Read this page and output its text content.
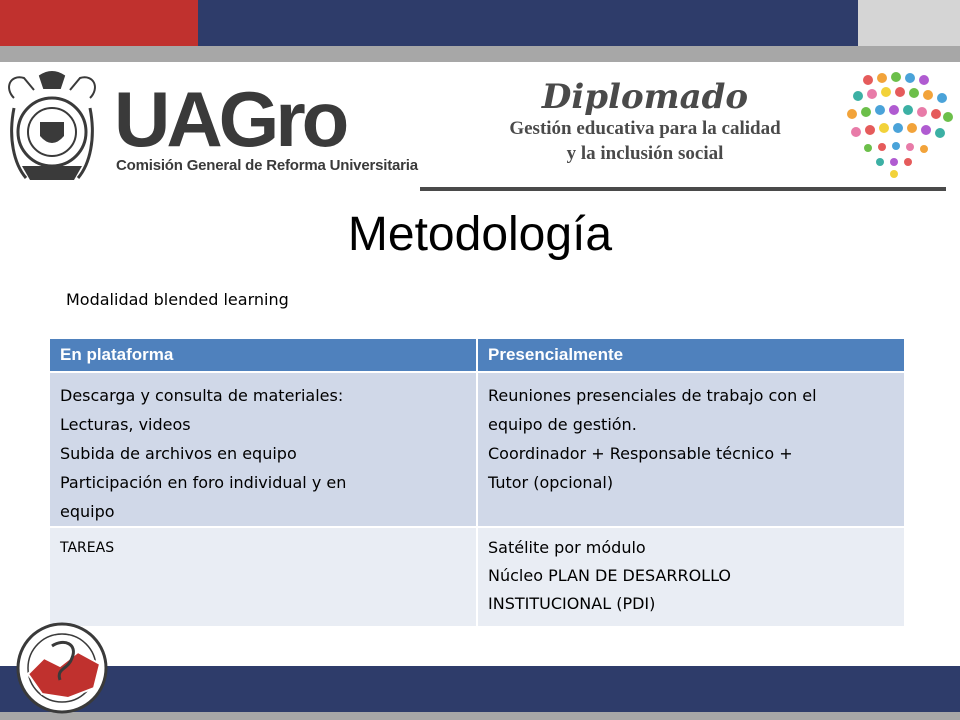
UAGro
Comisión General de Reforma Universitaria
Diplomado
Gestión educativa para la calidad
y la inclusión social
Metodología
Modalidad blended learning
En plataforma	Presencialmente

Descarga y consulta de materiales:
Lecturas, videos
Subida de archivos en equipo
Participación en foro individual y en
equipo	Reuniones presenciales de trabajo con el
equipo de gestión.
Coordinador + Responsable técnico +
Tutor (opcional)

TAREAS	Satélite por módulo
Núcleo PLAN DE DESARROLLO
INSTITUCIONAL (PDI)
